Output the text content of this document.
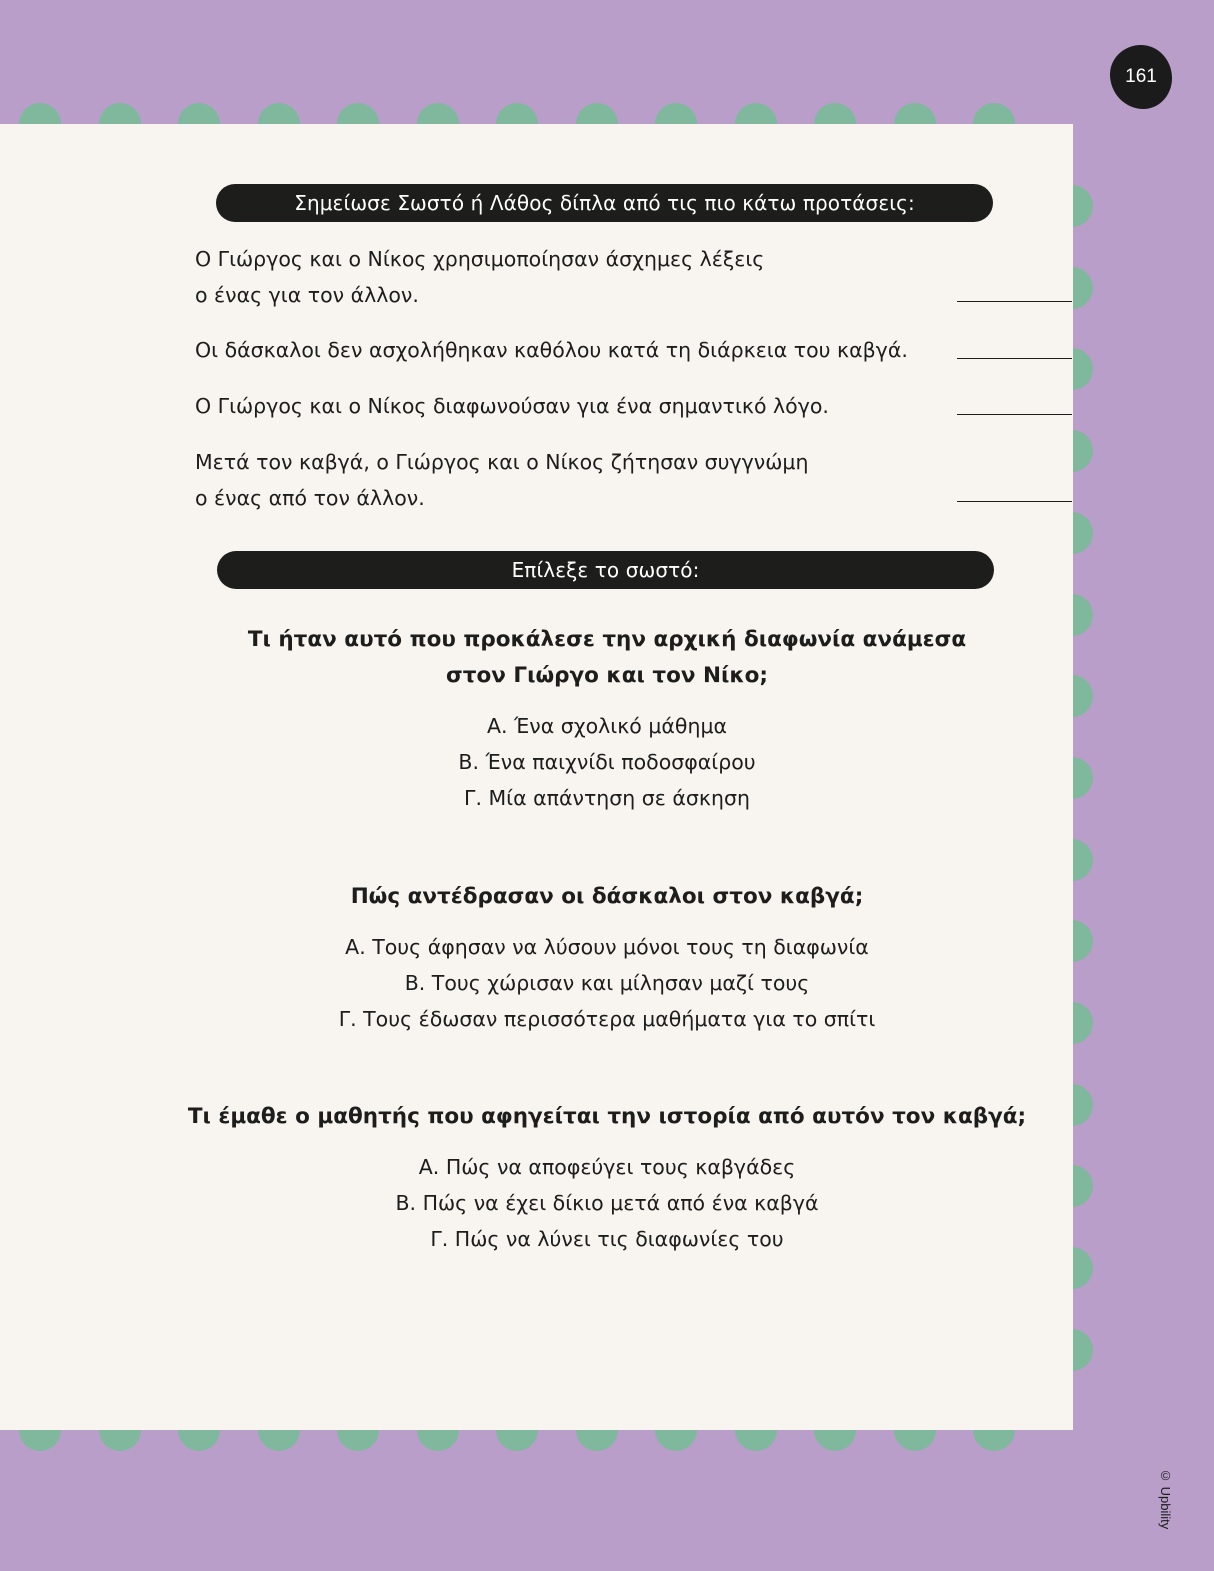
161
Σημείωσε Σωστό ή Λάθος δίπλα από τις πιο κάτω προτάσεις:
Ο Γιώργος και ο Νίκος χρησιμοποίησαν άσχημες λέξεις
ο ένας για τον άλλον.
Οι δάσκαλοι δεν ασχολήθηκαν καθόλου κατά τη διάρκεια του καβγά.
Ο Γιώργος και ο Νίκος διαφωνούσαν για ένα σημαντικό λόγο.
Μετά τον καβγά, ο Γιώργος και ο Νίκος ζήτησαν συγγνώμη
ο ένας από τον άλλον.
Επίλεξε το σωστό:
Τι ήταν αυτό που προκάλεσε την αρχική διαφωνία ανάμεσα
στον Γιώργο και τον Νίκο;
Α. Ένα σχολικό μάθημα
Β. Ένα παιχνίδι ποδοσφαίρου
Γ. Μία απάντηση σε άσκηση
Πώς αντέδρασαν οι δάσκαλοι στον καβγά;
Α. Τους άφησαν να λύσουν μόνοι τους τη διαφωνία
Β. Τους χώρισαν και μίλησαν μαζί τους
Γ. Τους έδωσαν περισσότερα μαθήματα για το σπίτι
Τι έμαθε ο μαθητής που αφηγείται την ιστορία από αυτόν τον καβγά;
Α. Πώς να αποφεύγει τους καβγάδες
Β. Πώς να έχει δίκιο μετά από ένα καβγά
Γ. Πώς να λύνει τις διαφωνίες του
© Upbility
